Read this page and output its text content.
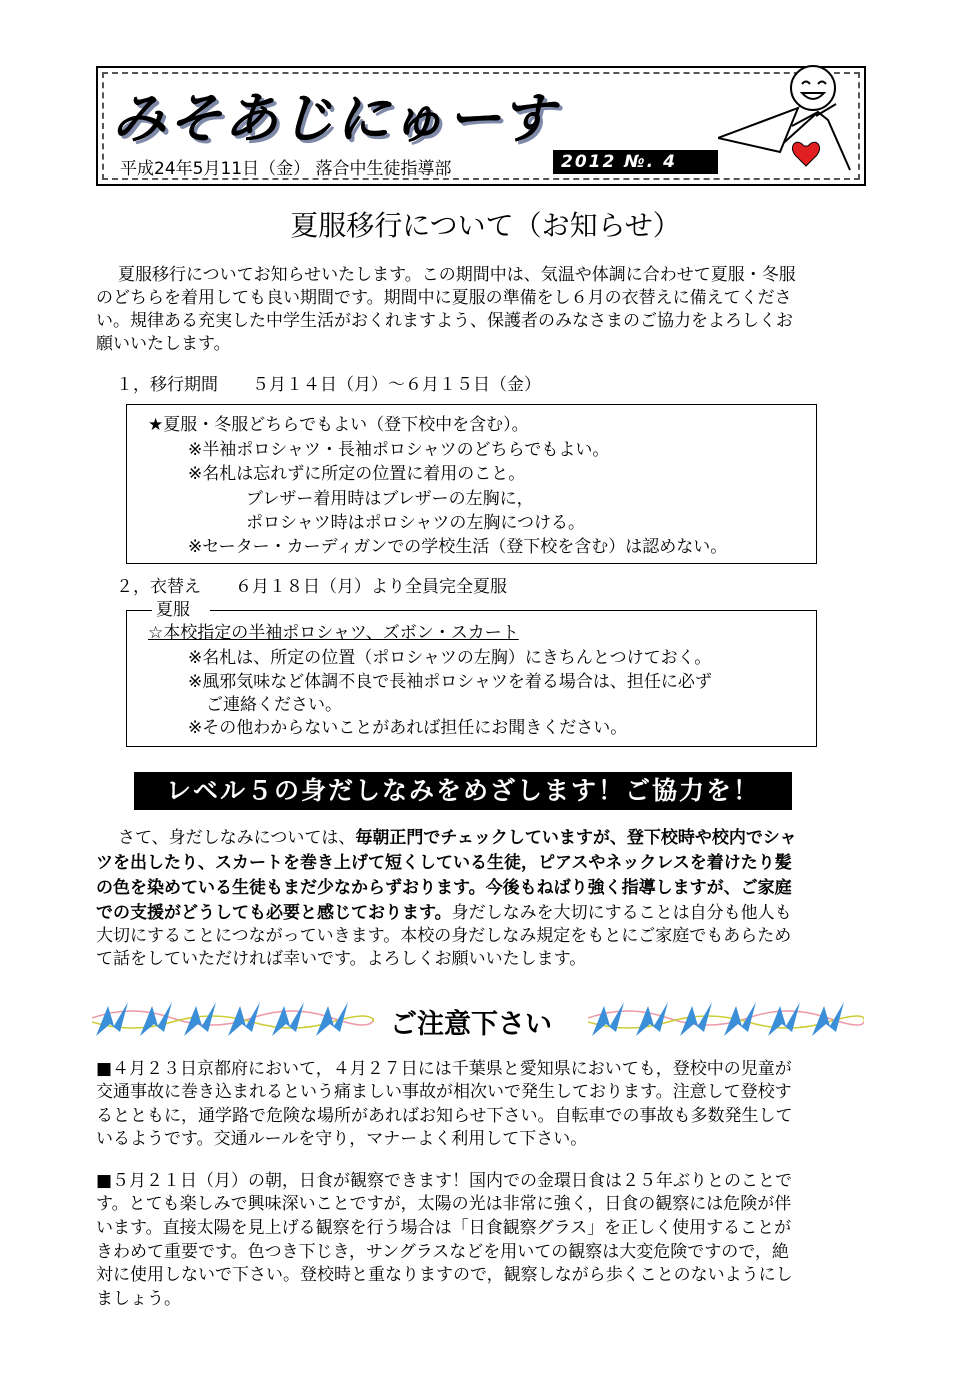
みそあじにゅーす
平成24年5月11日（金） 落合中生徒指導部	2012 №. 4
夏服移行について（お知らせ）
夏服移行についてお知らせいたします。この期間中は、気温や体調に合わせて夏服・冬服
のどちらを着用しても良い期間です。期間中に夏服の準備をし６月の衣替えに備えてくださ
い。規律ある充実した中学生活がおくれますよう、保護者のみなさまのご協力をよろしくお
願いいたします。
１，移行期間　　５月１４日（月）～６月１５日（金）
★夏服・冬服どちらでもよい（登下校中を含む）。
※半袖ポロシャツ・長袖ポロシャツのどちらでもよい。
※名札は忘れずに所定の位置に着用のこと。
ブレザー着用時はブレザーの左胸に，
ポロシャツ時はポロシャツの左胸につける。
※セーター・カーディガンでの学校生活（登下校を含む）は認めない。
２，衣替え　　６月１８日（月）より全員完全夏服
夏服
☆本校指定の半袖ポロシャツ、ズボン・スカート
※名札は、所定の位置（ポロシャツの左胸）にきちんとつけておく。
※風邪気味など体調不良で長袖ポロシャツを着る場合は、担任に必ず
ご連絡ください。
※その他わからないことがあれば担任にお聞きください。
レベル５の身だしなみをめざします！ご協力を！
さて、身だしなみについては、毎朝正門でチェックしていますが、登下校時や校内でシャ
ツを出したり、スカートを巻き上げて短くしている生徒，ピアスやネックレスを着けたり髪
の色を染めている生徒もまだ少なからずおります。今後もねばり強く指導しますが、ご家庭
での支援がどうしても必要と感じております。身だしなみを大切にすることは自分も他人も
大切にすることにつながっていきます。本校の身だしなみ規定をもとにご家庭でもあらため
て話をしていただければ幸いです。よろしくお願いいたします。
ご注意下さい
■４月２３日京都府において，４月２７日には千葉県と愛知県においても，登校中の児童が
交通事故に巻き込まれるという痛ましい事故が相次いで発生しております。注意して登校す
るとともに，通学路で危険な場所があればお知らせ下さい。自転車での事故も多数発生して
いるようです。交通ルールを守り，マナーよく利用して下さい。
■５月２１日（月）の朝，日食が観察できます！国内での金環日食は２５年ぶりとのことで
す。とても楽しみで興味深いことですが，太陽の光は非常に強く，日食の観察には危険が伴
います。直接太陽を見上げる観察を行う場合は「日食観察グラス」を正しく使用することが
きわめて重要です。色つき下じき，サングラスなどを用いての観察は大変危険ですので，絶
対に使用しないで下さい。登校時と重なりますので，観察しながら歩くことのないようにし
ましょう。
